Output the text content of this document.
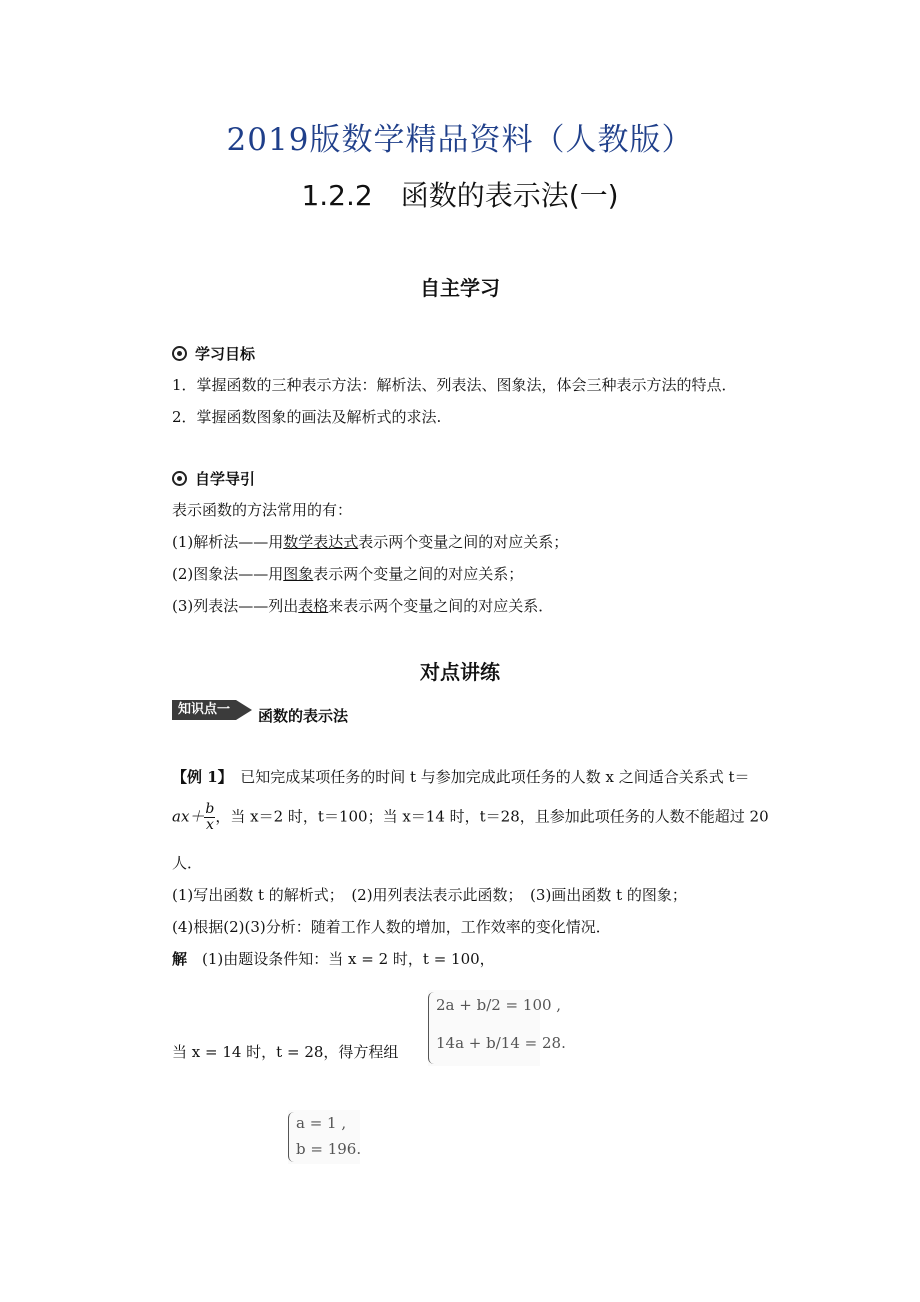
2019版数学精品资料（人教版）
1.2.2　函数的表示法(一)
自主学习
学习目标
1．掌握函数的三种表示方法：解析法、列表法、图象法，体会三种表示方法的特点．
2．掌握函数图象的画法及解析式的求法.
自学导引
表示函数的方法常用的有：
(1)解析法——用数学表达式表示两个变量之间的对应关系；
(2)图象法——用图象表示两个变量之间的对应关系；
(3)列表法——列出表格来表示两个变量之间的对应关系．
对点讲练
知识点一	函数的表示法
【例 1】　 已知完成某项任务的时间 t 与参加完成此项任务的人数 x 之间适合关系式 t＝
$ax+ \frac{b}{x}$ ，当 x＝2 时，t＝100；当 x＝14 时，t＝28，且参加此项任务的人数不能超过 20
人．
(1)写出函数 t 的解析式；　(2)用列表法表示此函数；　(3)画出函数 t 的图象；
(4)根据(2)(3)分析：随着工作人数的增加，工作效率的变化情况．
解　 (1)由题设条件知：当 x = 2 时，t = 100，
当 x = 14 时，t = 28，得方程组
2a + b/2 = 100 ,
14a + b/14 = 28.
a = 1 ,
b = 196.
